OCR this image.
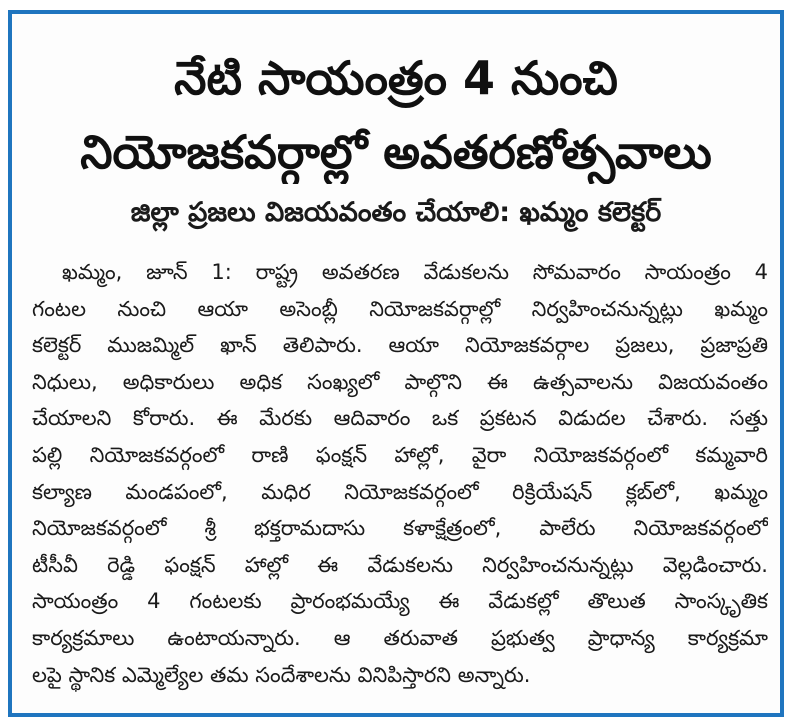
నేటి సాయంత్రం 4 నుంచి
నియోజకవర్గాల్లో అవతరణోత్సవాలు
జిల్లా ప్రజలు విజయవంతం చేయాలి: ఖమ్మం కలెక్టర్
ఖమ్మం, జూన్ 1: రాష్ట్ర అవతరణ వేడుకలను సోమవారం సాయంత్రం 4
గంటల నుంచి ఆయా అసెంబ్లీ నియోజకవర్గాల్లో నిర్వహించనున్నట్లు ఖమ్మం
కలెక్టర్ ముజమ్మిల్ ఖాన్ తెలిపారు. ఆయా నియోజకవర్గాల ప్రజలు, ప్రజాప్రతి
నిధులు, అధికారులు అధిక సంఖ్యలో పాల్గొని ఈ ఉత్సవాలను విజయవంతం
చేయాలని కోరారు. ఈ మేరకు ఆదివారం ఒక ప్రకటన విడుదల చేశారు. సత్తు
పల్లి నియోజకవర్గంలో రాణి ఫంక్షన్ హాల్లో, వైరా నియోజకవర్గంలో కమ్మవారి
కల్యాణ మండపంలో, మధిర నియోజకవర్గంలో రిక్రియేషన్ క్లబ్‌లో, ఖమ్మం
నియోజకవర్గంలో శ్రీ భక్తరామదాసు కళాక్షేత్రంలో, పాలేరు నియోజకవర్గంలో
టీసీవీ రెడ్డి ఫంక్షన్ హాల్లో ఈ వేడుకలను నిర్వహించనున్నట్లు వెల్లడించారు.
సాయంత్రం 4 గంటలకు ప్రారంభమయ్యే ఈ వేడుకల్లో తొలుత సాంస్కృతిక
కార్యక్రమాలు ఉంటాయన్నారు. ఆ తరువాత ప్రభుత్వ ప్రాధాన్య కార్యక్రమా
లపై స్థానిక ఎమ్మెల్యేల తమ సందేశాలను వినిపిస్తారని అన్నారు.
